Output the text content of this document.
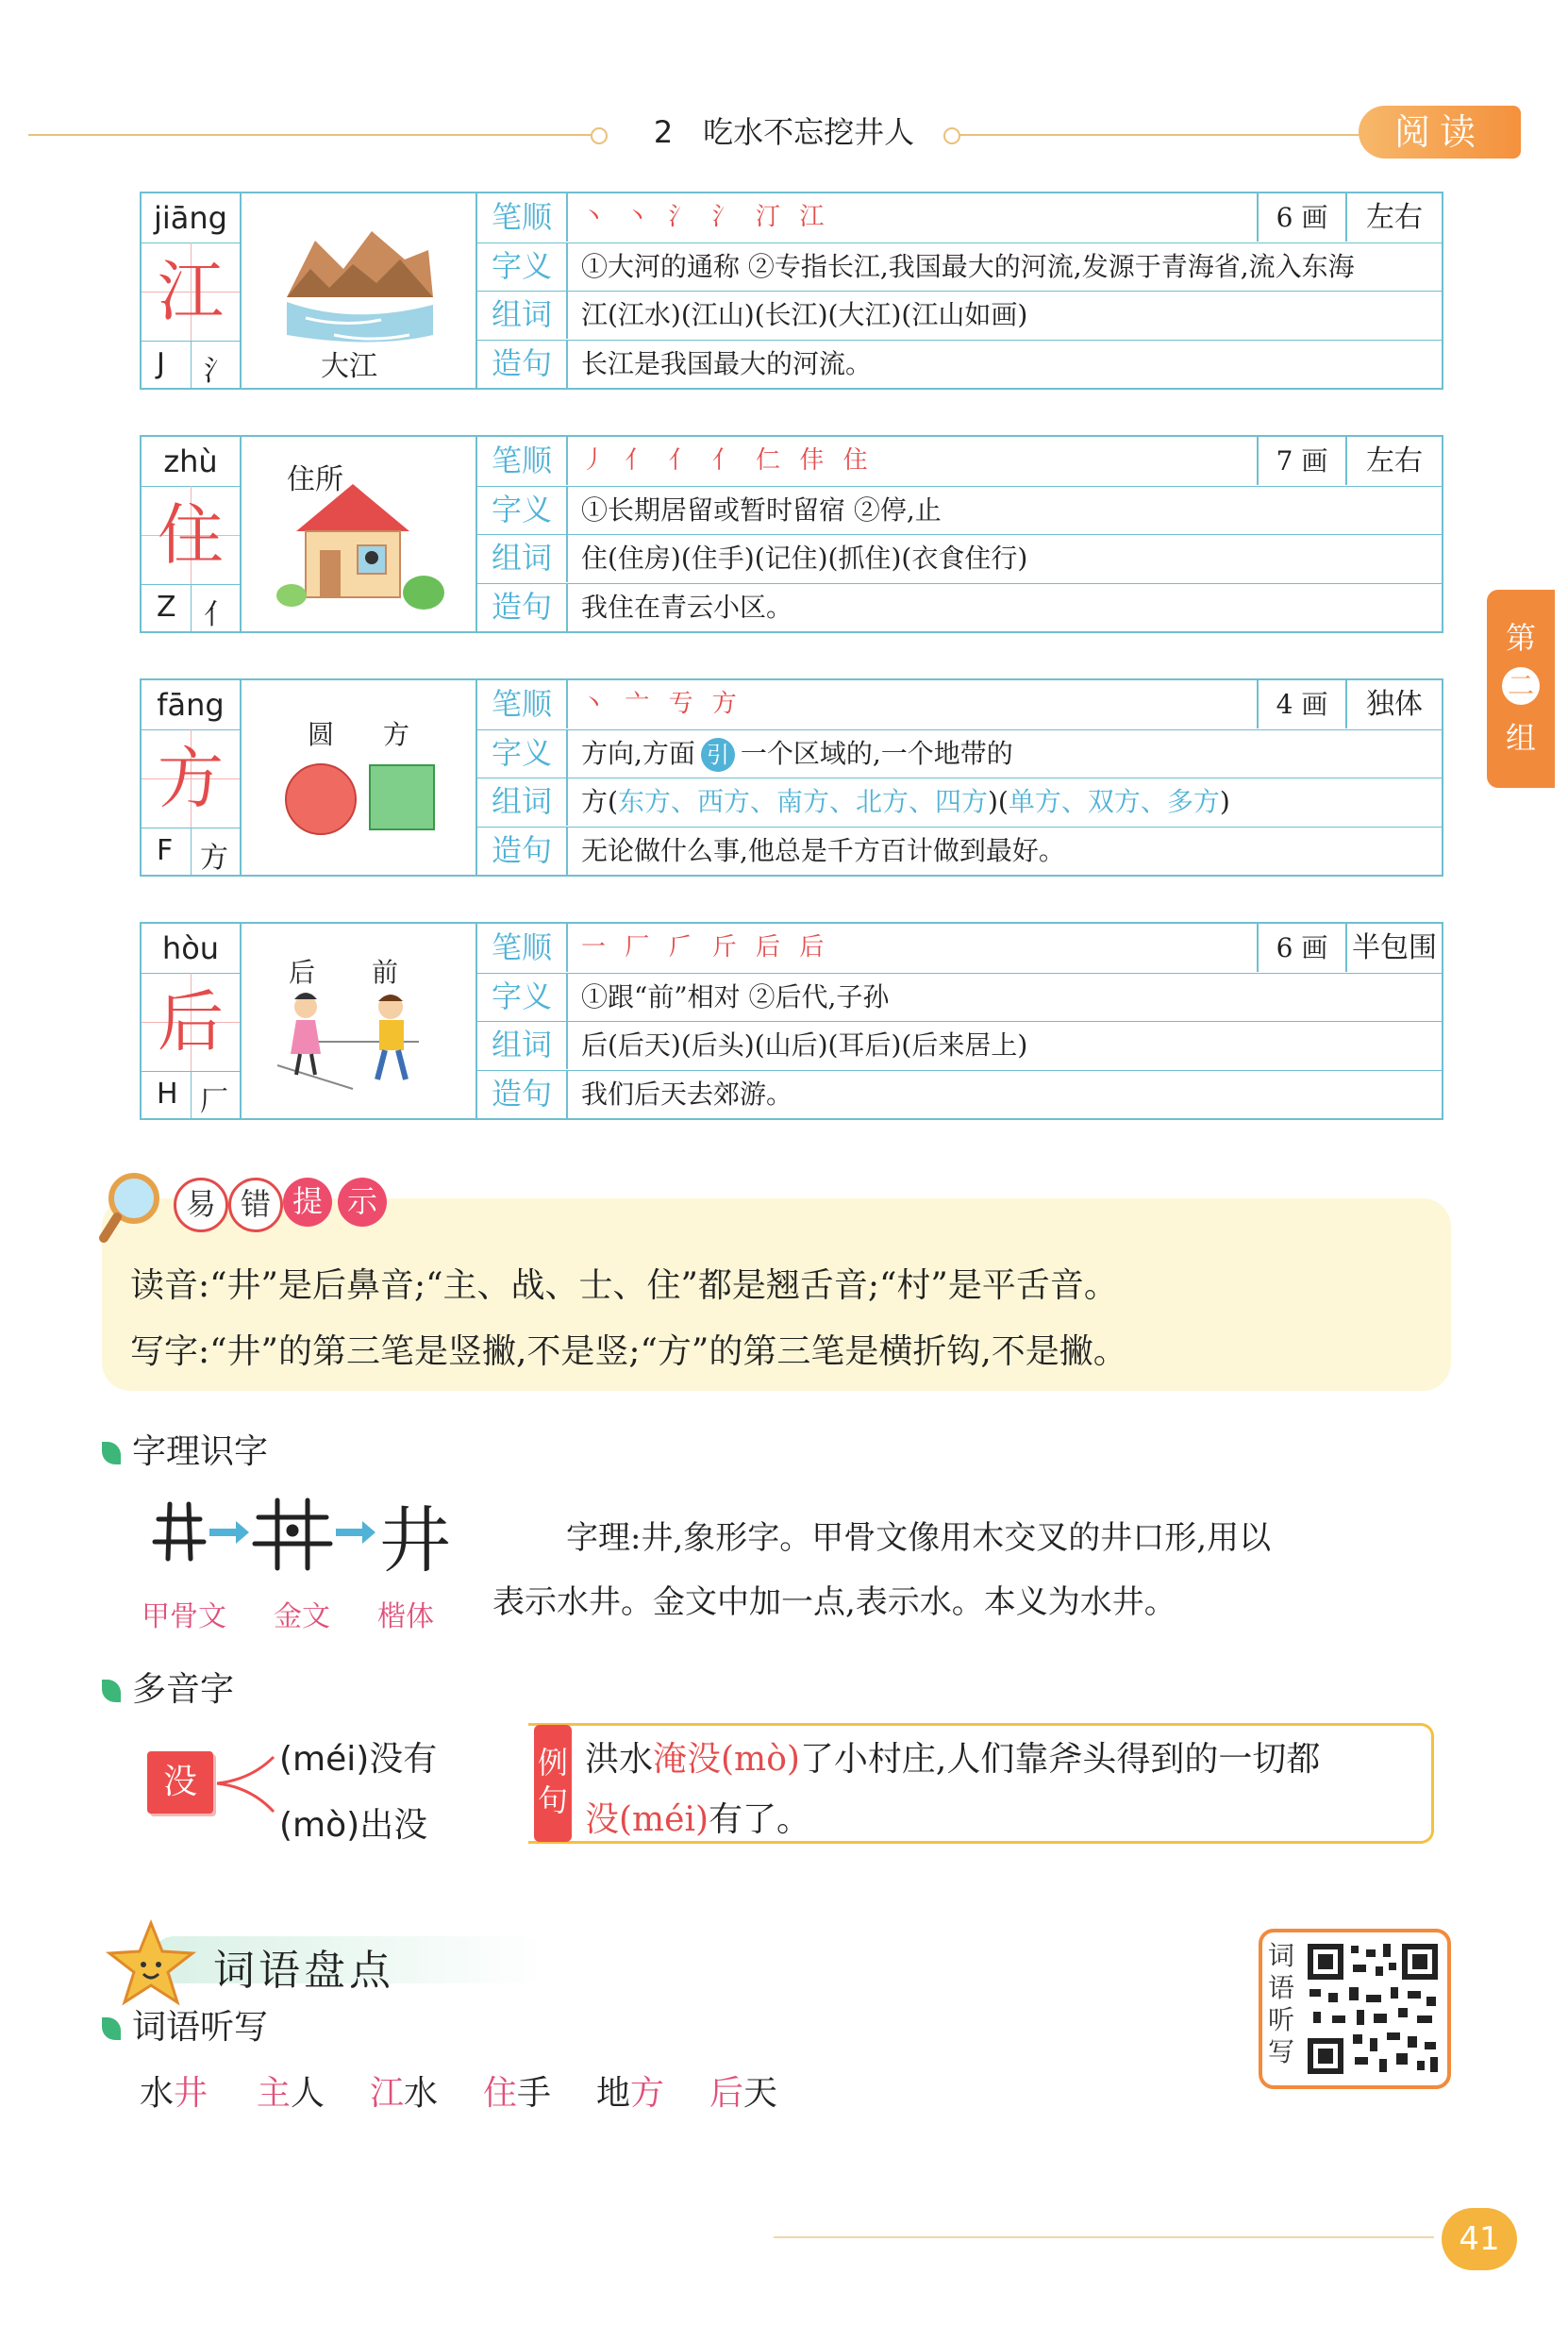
2　吃水不忘挖井人	阅读
第
二
组
jiāng
江
J 氵	大江
笔顺	丶 丶 氵 氵 汀 江	6 画	左右
字义	①大河的通称 ②专指长江,我国最大的河流,发源于青海省,流入东海
组词	江(江水)(江山)(长江)(大江)(江山如画)
造句	长江是我国最大的河流。
zhù
住
Z 亻
住所
笔顺	丿 亻 亻 亻 仁 仹 住	7 画	左右
字义	①长期居留或暂时留宿 ②停,止
组词	住(住房)(住手)(记住)(抓住)(衣食住行)
造句	我住在青云小区。
fāng
方
F 方
圆 方
笔顺	丶 亠 亐 方	4 画	独体
字义	方向,方面 引 一个区域的,一个地带的
组词	方(东方、西方、南方、北方、四方)(单方、双方、多方)
造句	无论做什么事,他总是千方百计做到最好。
hòu
后
H 厂
后 前
笔顺	一 厂 𠂆 斤 后 后	6 画 半包围
字义	①跟“前”相对 ②后代,子孙
组词	后(后天)(后头)(山后)(耳后)(后来居上)
造句	我们后天去郊游。
读音:“井”是后鼻音;“主、战、士、住”都是翘舌音;“村”是平舌音。
写字:“井”的第三笔是竖撇,不是竖;“方”的第三笔是横折钩,不是撇。
易 错 提 示
字理识字
井
甲骨文 金文 楷体
字理:井,象形字。甲骨文像用木交叉的井口形,用以
表示水井。金文中加一点,表示水。本义为水井。
多音字
没
(méi)没有
(mò)出没
例句
洪水淹没(mò)了小村庄,人们靠斧头得到的一切都
没(méi)有了。
词语盘点
词语听写
水井 主人 江水 住手 地方 后天
词语听写
41
